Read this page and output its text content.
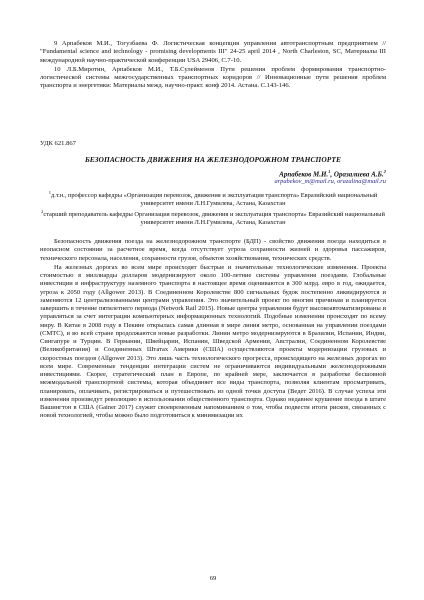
9 Арпабеков М.И., Тогузбаева Ф. Логистическая концепция управления автотранспортным предприятием // "Fundamental science and technology - promising developments III" 24-25 april 2014 , North Charleston, SC, Материалы III международной научно-практической конференции USA 29406, C.7-10.

10 Л.Б.Миротин, Арпабеков М.И., Т.Б.Сулейменов Пути решения проблем формирования транспортно-логистической системы межгосударственных транспортных коридоров // Инновационные пути решения проблем транспорта и энергетики: Материалы межд. научно-практ. конф 2014. Астана. С.143-146.

УДК 621.867
БЕЗОПАСНОСТЬ ДВИЖЕНИЯ НА ЖЕЛЕЗНОДОРОЖНОМ ТРАНСПОРТЕ
Арпабеков М.И.$^1$, Оразалиева А.Б.$^2$
arpabekov_m@mail.ru, orazalina@mail.ru

$^1$д.т.н., профессор кафедры «Организация перевозок, движения и эксплуатация транспорта» Евразийский национальный университет имени Л.Н.Гумилева, Астана, Казахстан

$^2$старший преподаватель кафедры Организация перевозок, движения и эксплуатация транспорта» Евразийский национальный университет имени Л.Н.Гумилева, Астана, Казахстан

Безопасность движения поезда на железнодорожном транспорте (БДП) - свойство движения поезда находиться в неопасном состоянии за расчетное время, когда отсутствует угроза сохранности жизней и здоровья пассажиров, технического персонала, населения, сохранности грузов, объектов хозяйствования, технических средств.

На железных дорогах во всем мире происходят быстрые и значительные технологические изменения. Проекты стоимостью в миллиарды долларов модернизируют около 100-летние системы управления поездами. Глобальные инвестиции в инфраструктуру наземного транспорта в настоящее время оцениваются в 300 млрд. евро в год, ожидается, угроза к 2050 году (Allgower 2013). В Соединенном Королевстве 800 сигнальных будок постепенно ликвидируются и заменяются 12 централизованными центрами управления. Это значительный проект по многим причинам и планируется завершить в течение пятилетнего периода (Network Rail 2015). Новые центры управления будут высокоавтоматизированы и управляться за счет интеграции компьютерных информационных технологий. Подобные изменения происходят по всему миру. В Китае в 2008 году в Пекине открылась самая длинная в мире линия метро, основанная на управлении поездами (СМТС), и во всей стране продолжаются новые разработки. Линии метро модернизируются в Бразилии, Испании, Индии, Сингапуре и Турции. В Германии, Швейцарии, Испании, Шведской Армении, Австралии, Соединенном Королевстве (Великобритания) и Соединенных Штатах Америки (США) осуществляются проекты модернизации грузовых и скоростных поездов (Allgower 2013). Это лишь часть технологического прогресса, происходящего на железных дорогах во всем мире. Современные тенденции интеграции систем не ограничиваются индивидуальными железнодорожными инвестициями. Скорее, стратегический план в Европе, по крайней мере, заключается в разработке бесшовной межмодальной транспортной системы, которая объединяет все виды транспорта, позволяя клиентам просматривать, планировать, оплачивать, регистрироваться и путешествовать из одной точки доступа (Ведет 2016). В случае успеха эти изменения произведут революцию в использовании общественного транспорта. Однако недавнее крушение поезда в штате Вашингтон в США (Gainer 2017) служит своевременным напоминанием о том, чтобы подвести итоги рисков, связанных с новой технологией, чтобы можно было подготовиться к минимизации их

69
